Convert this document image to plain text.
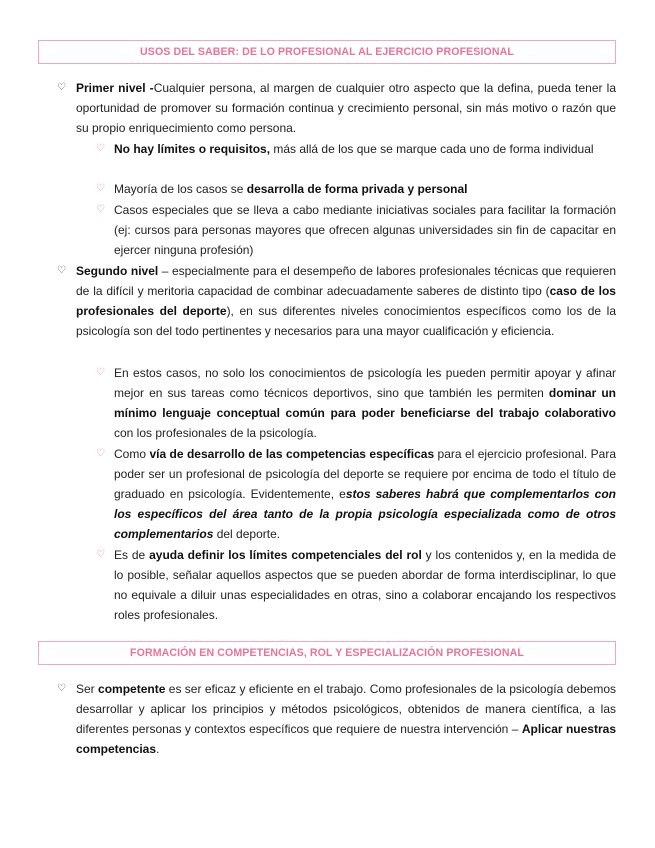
USOS DEL SABER: DE LO PROFESIONAL AL EJERCICIO PROFESIONAL
♡ Primer nivel -Cualquier persona, al margen de cualquier otro aspecto que la defina, pueda tener la oportunidad de promover su formación continua y crecimiento personal, sin más motivo o razón que su propio enriquecimiento como persona.
♡ No hay límites o requisitos, más allá de los que se marque cada uno de forma individual
♡ Mayoría de los casos se desarrolla de forma privada y personal
♡ Casos especiales que se lleva a cabo mediante iniciativas sociales para facilitar la formación (ej: cursos para personas mayores que ofrecen algunas universidades sin fin de capacitar en ejercer ninguna profesión)
♡ Segundo nivel – especialmente para el desempeño de labores profesionales técnicas que requieren de la difícil y meritoria capacidad de combinar adecuadamente saberes de distinto tipo (caso de los profesionales del deporte), en sus diferentes niveles conocimientos específicos como los de la psicología son del todo pertinentes y necesarios para una mayor cualificación y eficiencia.
♡ En estos casos, no solo los conocimientos de psicología les pueden permitir apoyar y afinar mejor en sus tareas como técnicos deportivos, sino que también les permiten dominar un mínimo lenguaje conceptual común para poder beneficiarse del trabajo colaborativo con los profesionales de la psicología.
♡ Como vía de desarrollo de las competencias específicas para el ejercicio profesional. Para poder ser un profesional de psicología del deporte se requiere por encima de todo el título de graduado en psicología. Evidentemente, estos saberes habrá que complementarlos con los específicos del área tanto de la propia psicología especializada como de otros complementarios del deporte.
♡ Es de ayuda definir los límites competenciales del rol y los contenidos y, en la medida de lo posible, señalar aquellos aspectos que se pueden abordar de forma interdisciplinar, lo que no equivale a diluir unas especialidades en otras, sino a colaborar encajando los respectivos roles profesionales.
FORMACIÓN EN COMPETENCIAS, ROL Y ESPECIALIZACIÓN PROFESIONAL
♡ Ser competente es ser eficaz y eficiente en el trabajo. Como profesionales de la psicología debemos desarrollar y aplicar los principios y métodos psicológicos, obtenidos de manera científica, a las diferentes personas y contextos específicos que requiere de nuestra intervención – Aplicar nuestras competencias.
